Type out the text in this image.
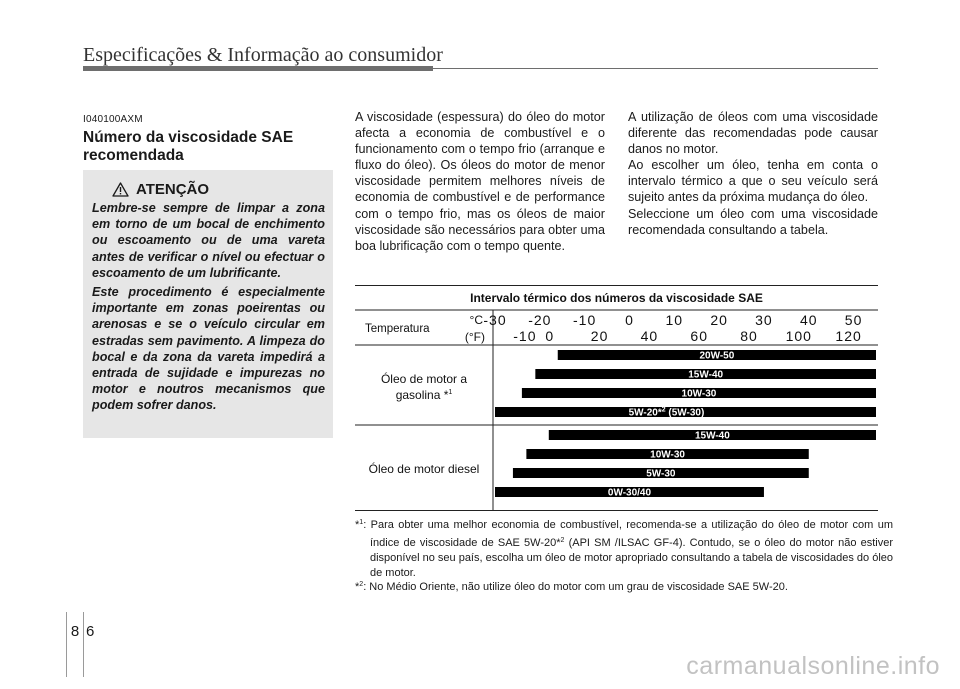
Especificações & Informação ao consumidor
I040100AXM
Número da viscosidade SAE recomendada
ATENÇÃO

Lembre-se sempre de limpar a zona em torno de um bocal de enchimento ou escoamento ou de uma vareta antes de verificar o nível ou efectuar o escoamento de um lubrificante.

Este procedimento é especialmente importante em zonas poeirentas ou arenosas e se o veículo circular em estradas sem pavimento. A limpeza do bocal e da zona da vareta impedirá a entrada de sujidade e impurezas no motor e noutros mecanismos que podem sofrer danos.

A viscosidade (espessura) do óleo do motor afecta a economia de combustível e o funcionamento com o tempo frio (arranque e fluxo do óleo). Os óleos do motor de menor viscosidade permitem melhores níveis de economia de combustível e de performance com o tempo frio, mas os óleos de maior viscosidade são necessários para obter uma boa lubrificação com o tempo quente.

A utilização de óleos com uma viscosidade diferente das recomendadas pode causar danos no motor.

Ao escolher um óleo, tenha em conta o intervalo térmico a que o seu veículo será sujeito antes da próxima mudança do óleo.

Seleccione um óleo com uma viscosidade recomendada consultando a tabela.

Intervalo térmico dos números da viscosidade SAE
Temperatura
°C
(°F)
-30 -20 -10 0 10 20 30 40 50
-10 0	20 40 60 80 100 120
Óleo de motor a
gasolina *$^1$
20W-50
15W-40
10W-30
5W-20*$^2$ (5W-30)
Óleo de motor diesel
15W-40
10W-30
5W-30
0W-30/40
*$^1$: Para obter uma melhor economia de combustível, recomenda-se a utilização do óleo de motor com um índice de viscosidade de SAE 5W-20*$^2$ (API SM /ILSAC GF-4). Contudo, se o óleo do motor não estiver disponível no seu país, escolha um óleo de motor apropriado consultando a tabela de viscosidades do óleo de motor.
*$^2$: No Médio Oriente, não utilize óleo do motor com um grau de viscosidade SAE 5W-20.
8 6
carmanualsonline.info
